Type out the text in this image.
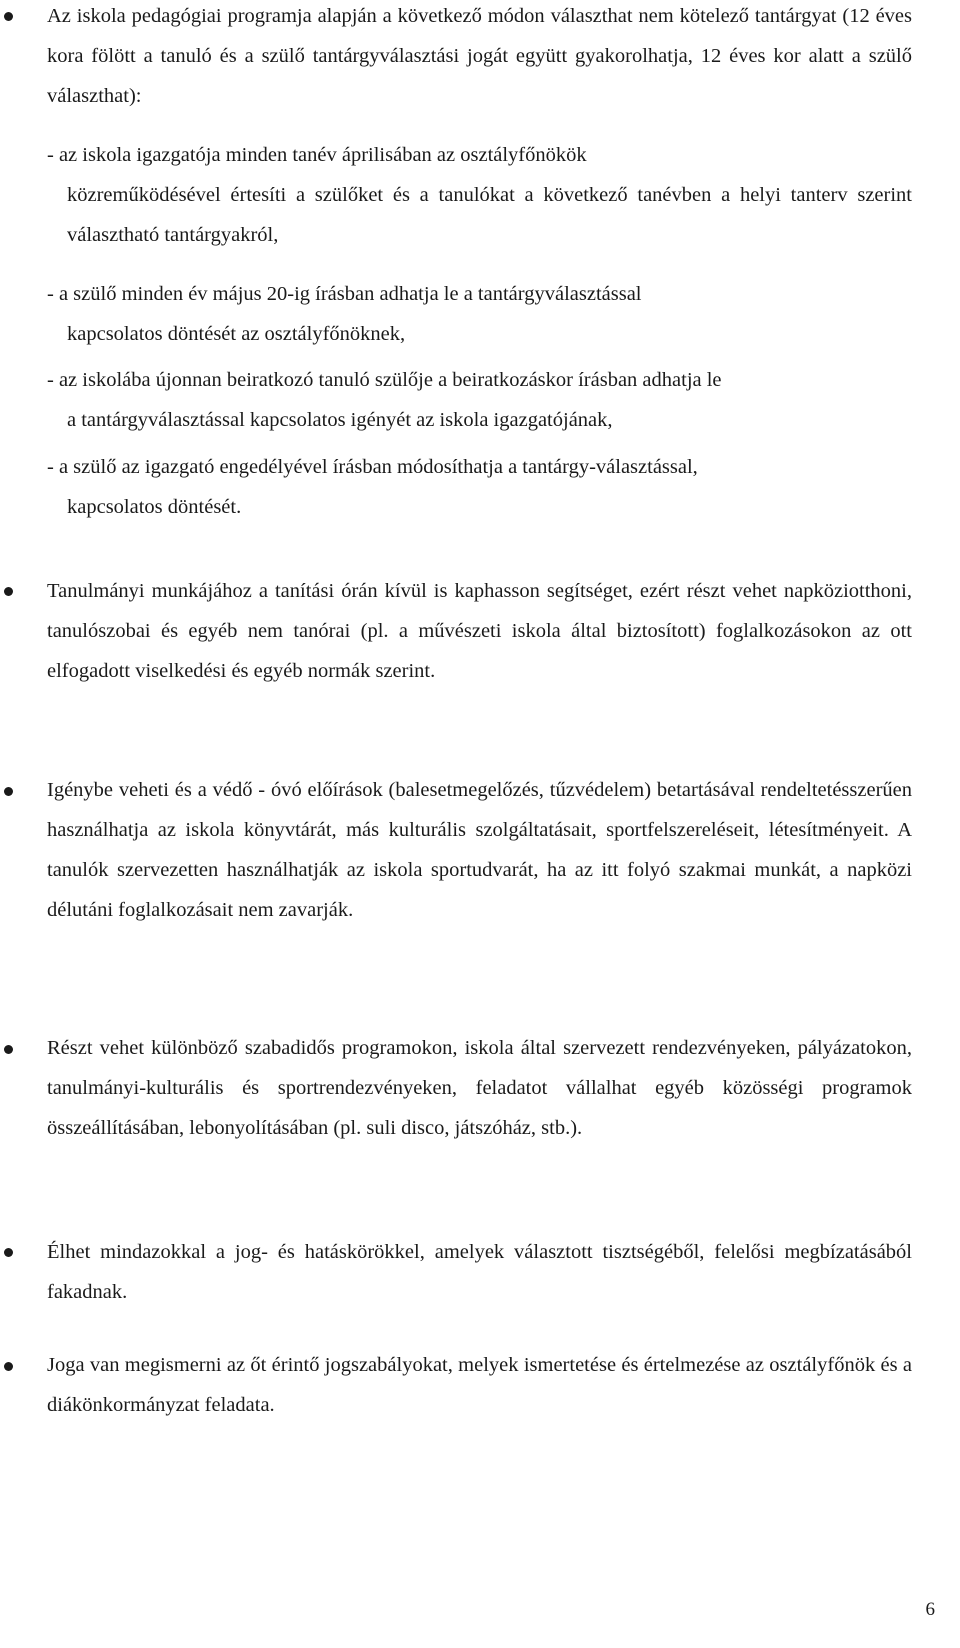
Az iskola pedagógiai programja alapján a következő módon választhat nem kötelező tantárgyat (12 éves kora fölött a tanuló és a szülő tantárgyválasztási jogát együtt gyakorolhatja, 12 éves kor alatt a szülő választhat):

- az iskola igazgatója minden tanév áprilisában az osztályfőnökök
közreműködésével értesíti a szülőket és a tanulókat a következő tanévben a helyi tanterv szerint választható tantárgyakról,

- a szülő minden év május 20-ig írásban adhatja le a tantárgyválasztással
kapcsolatos döntését az osztályfőnöknek,

- az iskolába újonnan beiratkozó tanuló szülője a beiratkozáskor írásban adhatja le
a tantárgyválasztással kapcsolatos igényét az iskola igazgatójának,

- a szülő az igazgató engedélyével írásban módosíthatja a tantárgy-választással,
kapcsolatos döntését.

Tanulmányi munkájához a tanítási órán kívül is kaphasson segítséget, ezért részt vehet napköziotthoni, tanulószobai és egyéb nem tanórai (pl. a művészeti iskola által biztosított) foglalkozásokon az ott elfogadott viselkedési és egyéb normák szerint.

Igénybe veheti és a védő - óvó előírások (balesetmegelőzés, tűzvédelem) betartásával rendeltetésszerűen használhatja az iskola könyvtárát, más kulturális szolgáltatásait, sportfelszereléseit, létesítményeit. A tanulók szervezetten használhatják az iskola sportudvarát, ha az itt folyó szakmai munkát, a napközi délutáni foglalkozásait nem zavarják.

Részt vehet különböző szabadidős programokon, iskola által szervezett rendezvényeken, pályázatokon, tanulmányi-kulturális és sportrendezvényeken, feladatot vállalhat egyéb közösségi programok összeállításában, lebonyolításában (pl. suli disco, játszóház, stb.).

Élhet mindazokkal a jog- és hatáskörökkel, amelyek választott tisztségéből, felelősi megbízatásából fakadnak.

Joga van megismerni az őt érintő jogszabályokat, melyek ismertetése és értelmezése az osztályfőnök és a diákönkormányzat feladata.

6
